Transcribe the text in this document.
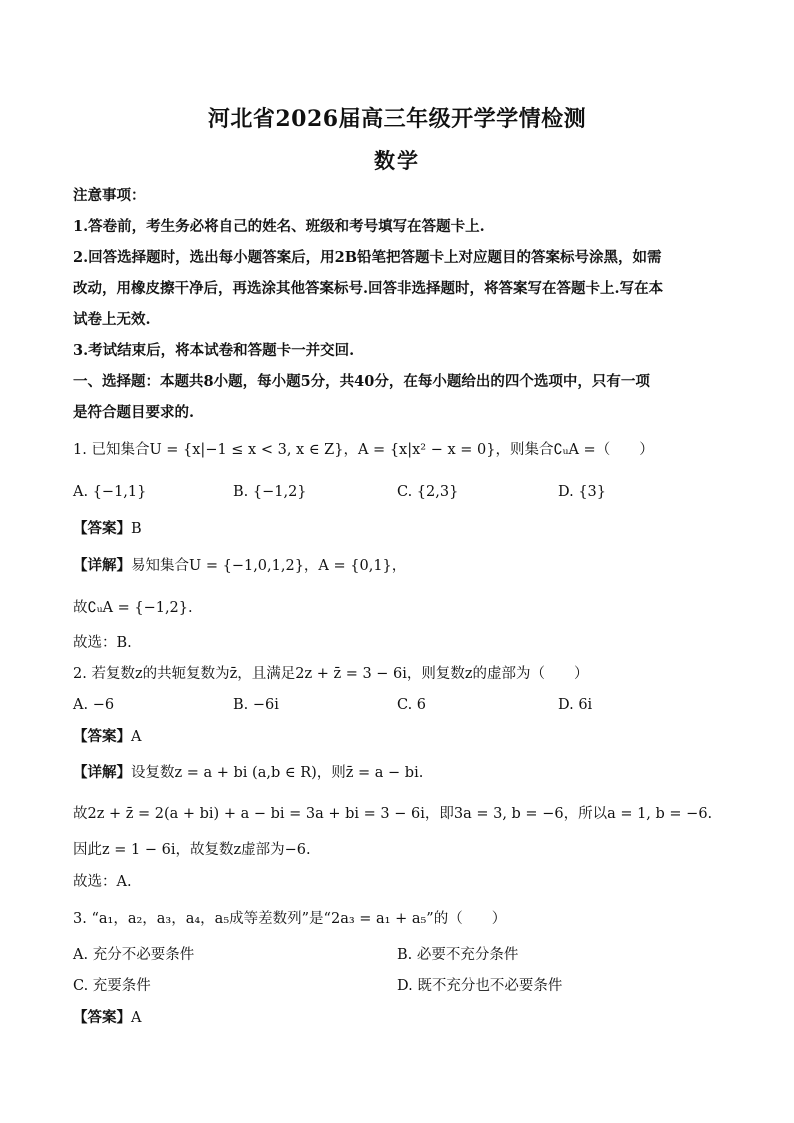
河北省2026届高三年级开学学情检测
数学
注意事项：
1.答卷前，考生务必将自己的姓名、班级和考号填写在答题卡上.
2.回答选择题时，选出每小题答案后，用2B铅笔把答题卡上对应题目的答案标号涂黑，如需
改动，用橡皮擦干净后，再选涂其他答案标号.回答非选择题时，将答案写在答题卡上.写在本
试卷上无效.
3.考试结束后，将本试卷和答题卡一并交回.
一、选择题：本题共8小题，每小题5分，共40分，在每小题给出的四个选项中，只有一项
是符合题目要求的.
1. 已知集合U = {x|−1 ≤ x < 3, x ∈ Z}，A = {x|x² − x = 0}，则集合∁ᵤA =（　　）
A. {−1,1}	B. {−1,2}	C. {2,3}	D. {3}
【答案】B
【详解】易知集合U = {−1,0,1,2}，A = {0,1}，
故∁ᵤA = {−1,2}.
故选：B.
2. 若复数z的共轭复数为z̄，且满足2z + z̄ = 3 − 6i，则复数z的虚部为（　　）
A. −6	B. −6i	C. 6	D. 6i
【答案】A
【详解】设复数z = a + bi (a,b ∈ R)，则z̄ = a − bi.
故2z + z̄ = 2(a + bi) + a − bi = 3a + bi = 3 − 6i，即3a = 3, b = −6，所以a = 1, b = −6.
因此z = 1 − 6i，故复数z虚部为−6.
故选：A.
3. “a₁，a₂，a₃，a₄，a₅成等差数列”是“2a₃ = a₁ + a₅”的（　　）
A. 充分不必要条件	B. 必要不充分条件
C. 充要条件	D. 既不充分也不必要条件
【答案】A
